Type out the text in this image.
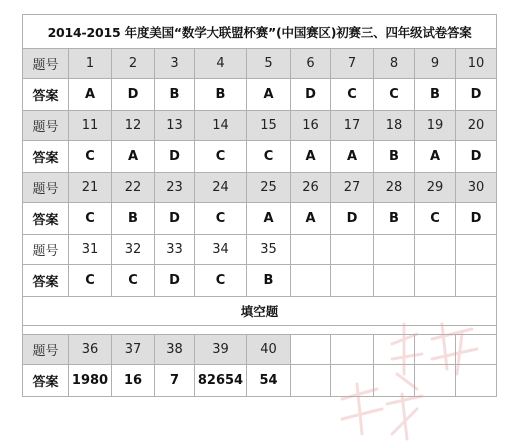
2014-2015 年度美国“数学大联盟杯赛”(中国赛区)初赛三、四年级试卷答案										
题号	1	2	3	4	5	6	7	8	9	10
答案	A	D	B	B	A	D	C	C	B	D
题号	11	12	13	14	15	16	17	18	19	20
答案	C	A	D	C	C	A	A	B	A	D
题号	21	22	23	24	25	26	27	28	29	30
答案	C	B	D	C	A	A	D	B	C	D
题号	31	32	33	34	35					
答案	C	C	D	C	B					
填空题										

题号	36	37	38	39	40					
答案	1980	16	7	82654	54					
